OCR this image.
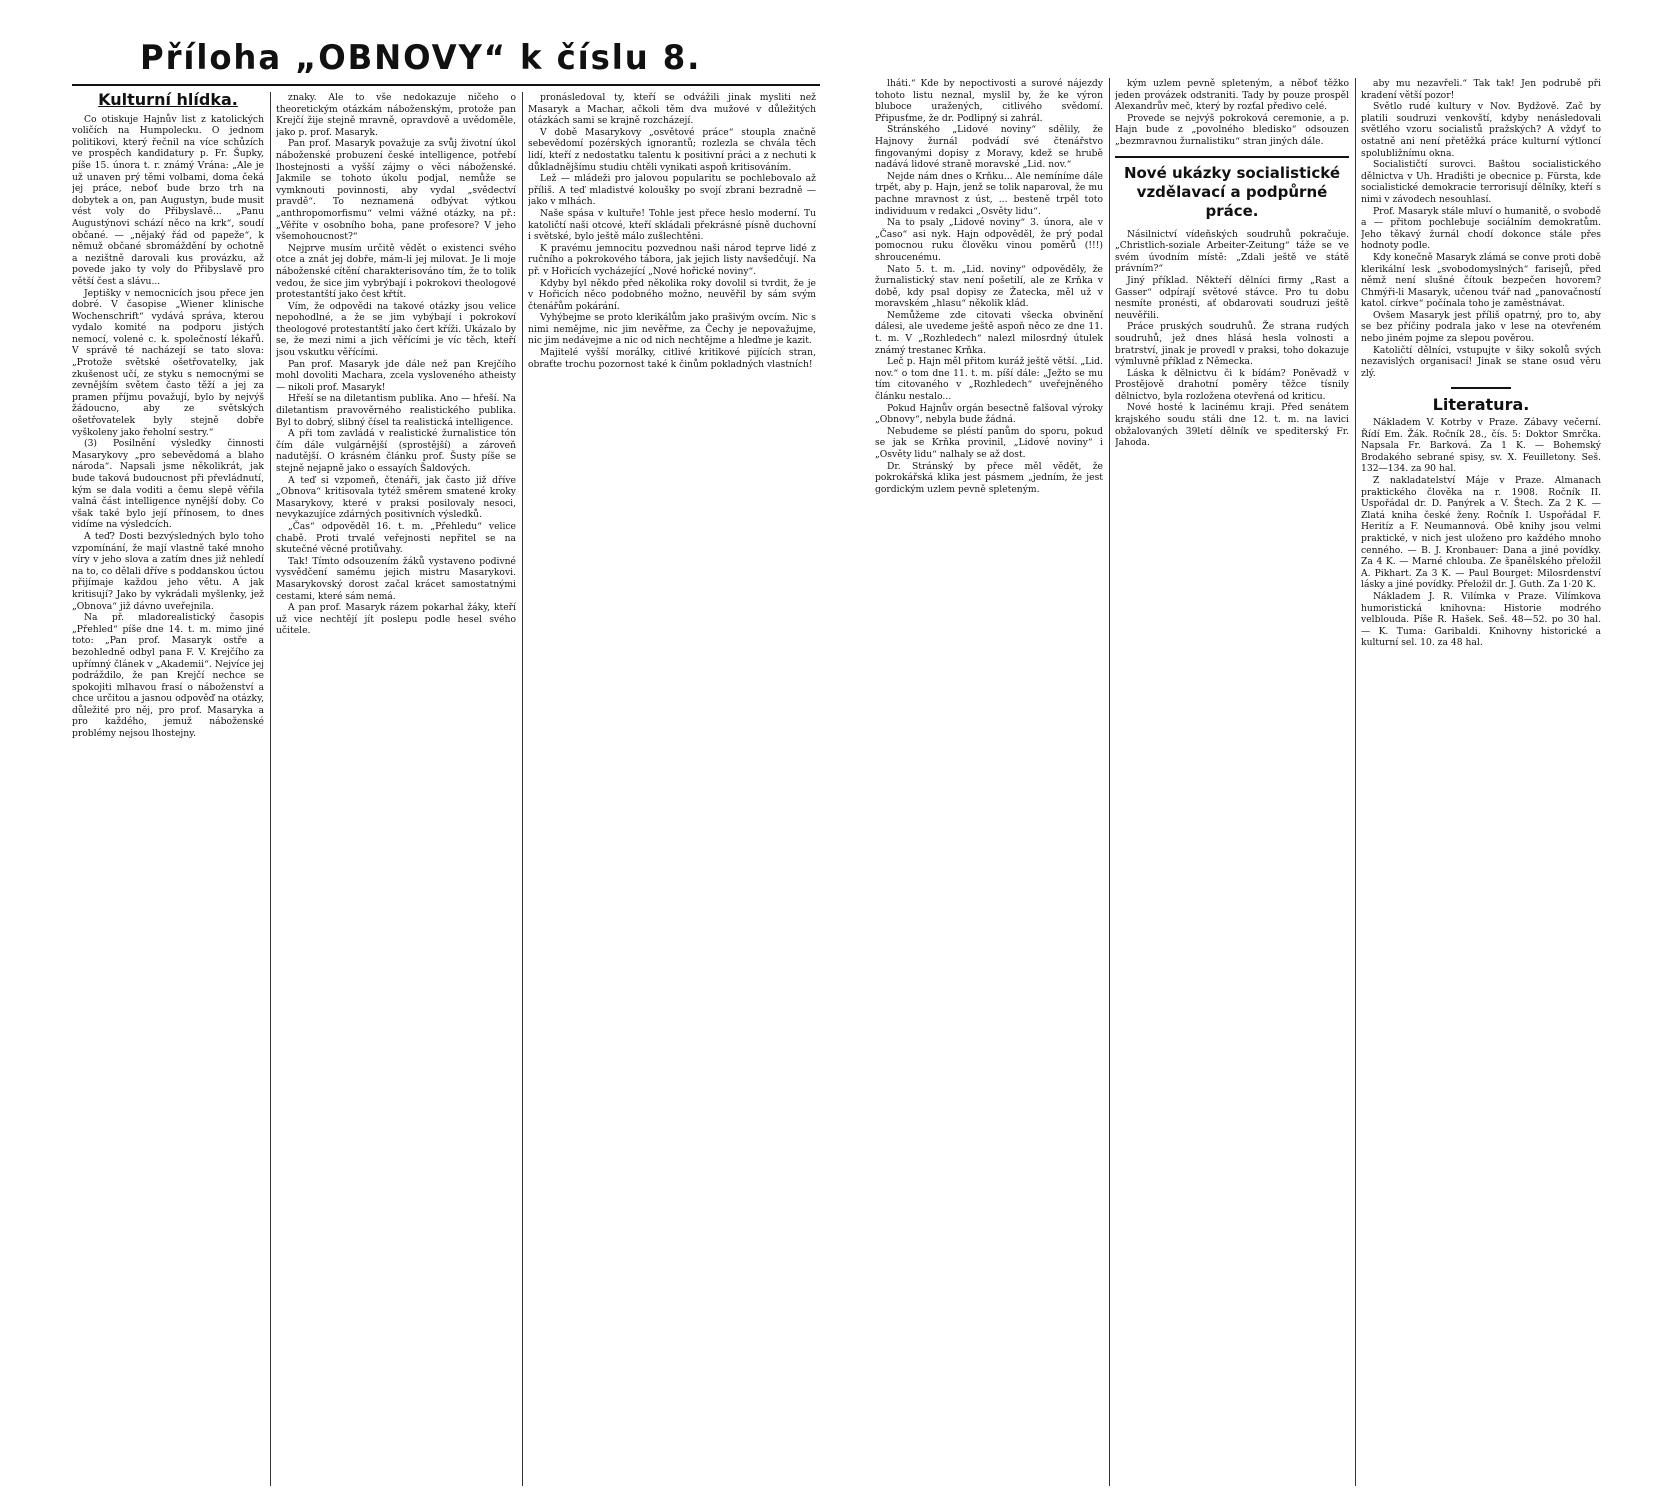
Příloha „OBNOVY“ k číslu 8.
Kulturní hlídka.

Co otiskuje Hajnův list z katolických voličích na Humpolecku. O jednom politikovi, který řečnil na více schůzích ve prospěch kandidatury p. Fr. Šupky, píše 15. února t. r. známý Vrána: „Ale je už unaven prý těmi volbami, doma čeká jej práce, neboť bude brzo trh na dobytek a on, pan Augustyn, bude musit vést voly do Přibyslavě... „Panu Augustýnovi schází něco na krk“, soudí občané. — „nějaký řád od papeže“, k němuž občané sbromáždění by ochotně a nezištně darovali kus provázku, až povede jako ty voly do Přibyslavě pro větší čest a slávu...

Jeptišky v nemocnicích jsou přece jen dobré. V časopise „Wiener klinische Wochenschrift“ vydává správa, kterou vydalo komité na podporu jistých nemocí, volené c. k. společností lékařů. V správě té nacházejí se tato slova: „Protože světské ošetřovatelky, jak zkušenost učí, ze styku s nemocnými se zevnějším světem často těží a jej za pramen příjmu považují, bylo by nejvýš žádoucno, aby ze světských ošetřovatelek byly stejně dobře vyškoleny jako řeholní sestry.“

(3) Posilnění výsledky činnosti Masarykovy „pro sebevědomá a blaho národa“. Napsali jsme několikrát, jak bude taková budoucnost při převládnutí, kým se dala voditi a čemu slepě věřila valná část intelligence nynější doby. Co však také bylo její přínosem, to dnes vidíme na výsledcích.

A teď? Dosti bezvýsledných bylo toho vzpomínání, že mají vlastně také mnoho víry v jeho slova a zatím dnes již nehledí na to, co dělali dříve s poddanskou úctou přijímaje každou jeho větu. A jak kritisují? Jako by vykrádali myšlenky, jež „Obnova“ již dávno uveřejnila.

Na př. mladorealistický časopis „Přehled“ píše dne 14. t. m. mimo jiné toto: „Pan prof. Masaryk ostře a bezohledně odbyl pana F. V. Krejčího za upřímný článek v „Akademii“. Nejvíce jej podráždilo, že pan Krejčí nechce se spokojiti mlhavou frasí o náboženství a chce určitou a jasnou odpověď na otázky, důležité pro něj, pro prof. Masaryka a pro každého, jemuž náboženské problémy nejsou lhostejny.

znaky. Ale to vše nedokazuje ničeho o theoretickým otázkám náboženským, protože pan Krejčí žije stejně mravně, opravdově a uvědoměle, jako p. prof. Masaryk.

Pan prof. Masaryk považuje za svůj životní úkol náboženské probuzení české intelligence, potřebí lhostejnosti a vyšší zájmy o věci náboženské. Jakmile se tohoto úkolu podjal, nemůže se vymknouti povinnosti, aby vydal „svědectví pravdě“. To neznamená odbývat výtkou „anthropomorfismu“ velmi vážné otázky, na př.: „Věříte v osobního boha, pane profesore? V jeho všemohoucnost?“

Nejprve musím určitě vědět o existenci svého otce a znát jej dobře, mám-li jej milovat. Je li moje náboženské cítění charakterisováno tím, že to tolik vedou, že sice jim vybrýbají i pokrokovi theologové protestantští jako čest křtít.

Vím, že odpovědi na takové otázky jsou velice nepohodlné, a že se jim vybýbají i pokrokoví theologové protestantští jako čert kříži. Ukázalo by se, že mezi nimi a jich věřícími je víc těch, kteří jsou vskutku věřícími.

Pan prof. Masaryk jde dále než pan Krejčího mohl dovoliti Machara, zcela vysloveného atheisty — nikoli prof. Masaryk!

Hřeší se na diletantism publika. Ano — hřeší. Na diletantism pravověrného realistického publika. Byl to dobrý, slibný čísel ta realistická intelligence.

A při tom zavládá v realistické žurnalistice tón čím dále vulgárnější (sprostější) a zároveň nadutější. O krásném článku prof. Šusty píše se stejně nejapně jako o essayích Šaldových.

A teď si vzpomeň, čtenáři, jak často již dříve „Obnova“ kritisovala tytéž směrem smatené kroky Masarykovy, které v praksi posilovaly nesoci, nevykazujíce zdárných positivních výsledků.

„Čas“ odpověděl 16. t. m. „Přehledu“ velice chabě. Proti trvalé veřejnosti nepřitel se na skutečné věcné protiůvahy.

Tak! Tímto odsouzením žáků vystaveno podivné vysvědčení samému jejich mistru Masarykovi. Masarykovský dorost začal krácet samostatnými cestami, které sám nemá.

A pan prof. Masaryk rázem pokarhal žáky, kteří už vice nechtějí jít poslepu podle hesel svého učitele.

pronásledoval ty, kteří se odvážili jinak mysliti než Masaryk a Machar, ačkoli těm dva mužové v důležitých otázkách sami se krajně rozcházejí.

V době Masarykovy „osvětové práce“ stoupla značně sebevědomí pozérských ignorantů; rozlezla se chvála těch lidí, kteří z nedostatku talentu k positivní práci a z nechuti k důkladnějšímu studiu chtěli vynikati aspoň kritisováním.

Lež — mládeži pro jalovou popularitu se pochlebovalo až příliš. A teď mladistvé koloušky po svojí zbrani bezradně — jako v mlhách.

Naše spása v kultuře! Tohle jest přece heslo moderní. Tu katoličtí naši otcové, kteří skládali překrásné písně duchovní i světské, bylo ještě málo zušlechtěni.

K pravému jemnocitu pozvednou naši národ teprve lidé z ručního a pokrokového tábora, jak jejich listy navšedčují. Na př. v Hořicích vycházející „Nové hořické noviny“.

Kdyby byl někdo před několika roky dovolil si tvrdit, že je v Hořicích něco podobného možno, neuvěřil by sám svým čtenářům pokárání.

Vyhýbejme se proto klerikálům jako prašivým ovcím. Nic s nimi nemějme, nic jim nevěřme, za Čechy je nepovažujme, nic jim nedávejme a nic od nich nechtějme a hleďme je kazit.

Majitelé vyšší morálky, citlivé kritikové pijících stran, obraťte trochu pozornost také k činům pokladných vlastních!

lháti.“ Kde by nepoctivosti a surové nájezdy tohoto listu neznal, myslil by, že ke výron bluboce uražených, citlivého svědomí. Připusťme, že dr. Podlipný si zahrál.

Stránského „Lidové noviny“ sdělily, že Hajnovy žurnál podvádí své čtenářstvo fingovanými dopisy z Moravy, kdež se hrubě nadává lidové straně moravské „Lid. nov.“

Nejde nám dnes o Krňku... Ale nemíníme dále trpět, aby p. Hajn, jenž se tolik naparoval, že mu pachne mravnost z úst, ... besteně trpěl toto individuum v redakci „Osvěty lidu“.

Na to psaly „Lidové noviny“ 3. února, ale v „Časo“ asi nyk. Hajn odpověděl, že prý podal pomocnou ruku člověku vinou poměrů (!!!) shroucenému.

Nato 5. t. m. „Lid. noviny“ odpověděly, že žurnalistický stav není pošetilí, ale ze Krňka v době, kdy psal dopisy ze Žatecka, měl už v moravském „hlasu“ několik klád.

Nemůžeme zde citovati všecka obvinění dálesi, ale uvedeme ještě aspoň něco ze dne 11. t. m. V „Rozhledech“ nalezl milosrdný útulek známý trestanec Krňka.

Leč p. Hajn měl přitom kuráž ještě větší. „Lid. nov.“ o tom dne 11. t. m. píší dále: „Ježto se mu tím citovaného v „Rozhledech“ uveřejněného článku nestalo...

Pokud Hajnův orgán besectně falšoval výroky „Obnovy“, nebyla bude žádná.

Nebudeme se pléstí panům do sporu, pokud se jak se Krňka provinil, „Lidové noviny“ i „Osvěty lidu“ nalhaly se až dost.

Dr. Stránský by přece měl vědět, že pokrokářská klika jest pásmem „jedním, že jest gordickým uzlem pevně spleteným.

kým uzlem pevně spleteným, a něboť těžko jeden provázek odstraniti. Tady by pouze prospěl Alexandrův meč, který by rozťal předivo celé.

Provede se nejvýš pokroková ceremonie, a p. Hajn bude z „povolného bledisko“ odsouzen „bezmravnou žurnalistiku“ stran jiných dále.

Nové ukázky socialistické vzdělavací a podpůrné práce.

Násilnictví vídeňských soudruhů pokračuje. „Christlich-soziale Arbeiter-Zeitung“ táže se ve svém úvodním místě: „Zdali ještě ve státě právním?“

Jiný příklad. Někteří dělníci firmy „Rast a Gasser“ odpírají světové stávce. Pro tu dobu nesmíte pronésti, ať obdarovati soudruzi ještě neuvěřili.

Práce pruských soudruhů. Že strana rudých soudruhů, jež dnes hlásá hesla volnosti a bratrství, jinak je provedl v praksi, toho dokazuje výmluvně příklad z Německa.

Láska k dělnictvu či k bídám? Poněvadž v Prostějově drahotní poměry těžce tísnily dělnictvo, byla rozložena otevřená od kriticu.

Nové hosté k lacinému kraji. Před senátem krajského soudu stáli dne 12. t. m. na lavici obžalovaných 39letí dělník ve spediterský Fr. Jahoda.

aby mu nezavřeli.“ Tak tak! Jen podrubě při kradení větší pozor!

Světlo rudé kultury v Nov. Bydžově. Zač by platili soudruzi venkovští, kdyby nenásledovali světlého vzoru socialistů pražských? A vždyť to ostatně ani není přetěžká práce kulturní výtloncí spolubližnímu okna.

Socialističtí surovci. Baštou socialistického dělnictva v Uh. Hradišti je obecnice p. Fürsta, kde socialistické demokracie terrorisují dělníky, kteří s nimi v závodech nesouhlasí.

Prof. Masaryk stále mluví o humanitě, o svobodě a — přitom pochlebuje sociálním demokratům. Jeho těkavý žurnál chodí dokonce stále přes hodnoty podle.

Kdy konečně Masaryk zlámá se conve proti době klerikální lesk „svobodomyslných“ farisejů, před němž není slušné čítouk bezpečen hovorem? Chmýři-li Masaryk, učenou tvář nad „panovačností katol. církve“ počínala toho je zaměstnávat.

Ovšem Masaryk jest příliš opatrný, pro to, aby se bez příčiny podrala jako v lese na otevřeném nebo jiném pojme za slepou pověrou.

Katoličtí dělníci, vstupujte v šiky sokolů svých nezavislých organisací! Jinak se stane osud věru zlý.

Literatura.

Nákladem V. Kotrby v Praze. Zábavy večerní. Řídí Em. Žák. Ročník 28., čís. 5: Doktor Smrčka. Napsala Fr. Barková. Za 1 K. — Bohemský Brodakého sebrané spisy, sv. X. Feuilletony. Seš. 132—134. za 90 hal.

Z nakladatelství Máje v Praze. Almanach praktického člověka na r. 1908. Ročník II. Uspořádal dr. D. Panýrek a V. Štech. Za 2 K. — Zlatá kniha české ženy. Ročník I. Uspořádal F. Heritíz a F. Neumannová. Obě knihy jsou velmi praktické, v nich jest uloženo pro každého mnoho cenného. — B. J. Kronbauer: Dana a jiné povídky. Za 4 K. — Marné chlouba. Ze španělského přeložil A. Pikhart. Za 3 K. — Paul Bourget: Milosrdenství lásky a jiné povídky. Přeložil dr. J. Guth. Za 1·20 K.

Nákladem J. R. Vilímka v Praze. Vilímkova humoristická knihovna: Historie modrého velblouda. Píše R. Hašek. Seš. 48—52. po 30 hal. — K. Tuma: Garibaldi. Knihovny historické a kulturní sel. 10. za 48 hal.
